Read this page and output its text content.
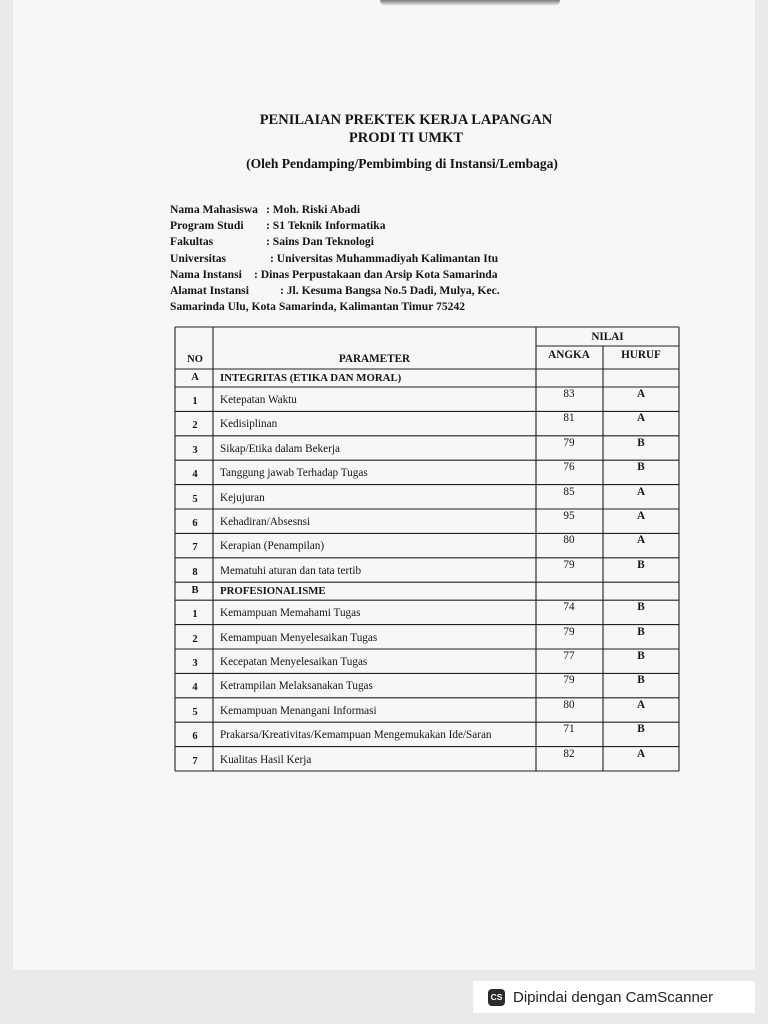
PENILAIAN PREKTEK KERJA LAPANGAN
PRODI TI UMKT
(Oleh Pendamping/Pembimbing di Instansi/Lembaga)
Nama Mahasiswa : Moh. Riski Abadi
Program Studi : S1 Teknik Informatika
Fakultas	: Sains Dan Teknologi
Universitas	: Universitas Muhammadiyah Kalimantan Itu
Nama Instansi : Dinas Perpustakaan dan Arsip Kota Samarinda
Alamat Instansi	: Jl. Kesuma Bangsa No.5 Dadi, Mulya, Kec.
Samarinda Ulu, Kota Samarinda, Kalimantan Timur 75242
NO	PARAMETER
NILAI
ANGKA	HURUF
A	INTEGRITAS (ETIKA DAN MORAL)
1	Ketepatan Waktu	83	A
2	Kedisiplinan	81	A
3	Sikap/Etika dalam Bekerja	79	B
4	Tanggung jawab Terhadap Tugas	76	B
5	Kejujuran	85	A
6	Kehadiran/Absesnsi	95	A
7	Kerapian (Penampilan)	80	A
8	Mematuhi aturan dan tata tertib	79	B
B	PROFESIONALISME
1	Kemampuan Memahami Tugas	74	B
2	Kemampuan Menyelesaikan Tugas	79	B
3	Kecepatan Menyelesaikan Tugas	77	B
4	Ketrampilan Melaksanakan Tugas	79	B
5	Kemampuan Menangani Informasi	80	A
6	Prakarsa/Kreativitas/Kemampuan Mengemukakan Ide/Saran	71	B
7	Kualitas Hasil Kerja	82	A
CS Dipindai dengan CamScanner
